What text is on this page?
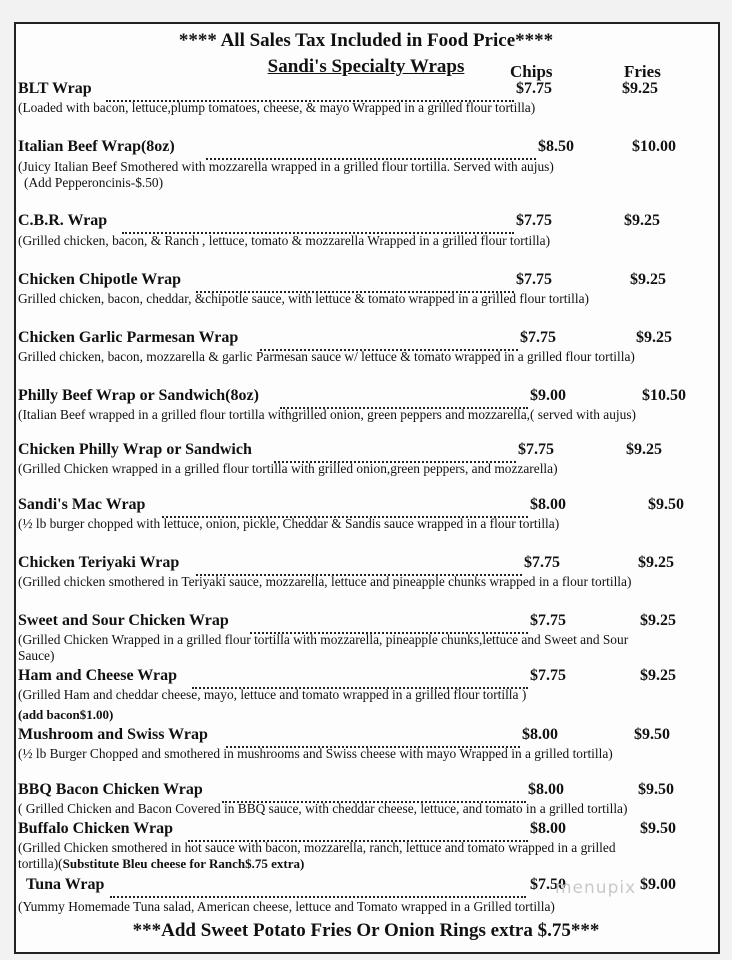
**** All Sales Tax Included in Food Price****
Sandi's Specialty Wraps	Chips	Fries
BLT Wrap	$7.75	$9.25
(Loaded with bacon, lettuce,plump tomatoes, cheese, & mayo Wrapped in a grilled flour tortilla)
Italian Beef Wrap(8oz)	$8.50	$10.00
(Juicy Italian Beef Smothered with mozzarella wrapped in a grilled flour tortilla. Served with aujus)
(Add Pepperoncinis-$.50)
C.B.R. Wrap	$7.75	$9.25
(Grilled chicken, bacon, & Ranch , lettuce, tomato & mozzarella Wrapped in a grilled flour tortilla)
Chicken Chipotle Wrap	$7.75	$9.25
Grilled chicken, bacon, cheddar, &chipotle sauce, with lettuce & tomato wrapped in a grilled flour tortilla)
Chicken Garlic Parmesan Wrap	$7.75	$9.25
Grilled chicken, bacon, mozzarella & garlic Parmesan sauce w/ lettuce & tomato wrapped in a grilled flour tortilla)
Philly Beef Wrap or Sandwich(8oz)	$9.00	$10.50
(Italian Beef wrapped in a grilled flour tortilla withgrilled onion, green peppers and mozzarella,( served with aujus)
Chicken Philly Wrap or Sandwich	$7.75	$9.25
(Grilled Chicken wrapped in a grilled flour tortilla with grilled onion,green peppers, and mozzarella)
Sandi's Mac Wrap	$8.00	$9.50
(½ lb burger chopped with lettuce, onion, pickle, Cheddar & Sandis sauce wrapped in a flour tortilla)
Chicken Teriyaki Wrap	$7.75	$9.25
(Grilled chicken smothered in Teriyaki sauce, mozzarella, lettuce and pineapple chunks wrapped in a flour tortilla)
Sweet and Sour Chicken Wrap	$7.75	$9.25
(Grilled Chicken Wrapped in a grilled flour tortilla with mozzarella, pineapple chunks,lettuce and Sweet and Sour
Sauce)
Ham and Cheese Wrap	$7.75	$9.25
(Grilled Ham and cheddar cheese, mayo, lettuce and tomato wrapped in a grilled flour tortilla )
(add bacon$1.00)
Mushroom and Swiss Wrap	$8.00	$9.50
(½ lb Burger Chopped and smothered in mushrooms and Swiss cheese with mayo Wrapped in a grilled tortilla)
BBQ Bacon Chicken Wrap	$8.00	$9.50
( Grilled Chicken and Bacon Covered in BBQ sauce, with cheddar cheese, lettuce, and tomato in a grilled tortilla)
Buffalo Chicken Wrap	$8.00	$9.50
(Grilled Chicken smothered in hot sauce with bacon, mozzarella, ranch, lettuce and tomato wrapped in a grilled
tortilla)(Substitute Bleu cheese for Ranch$.75 extra)
Tuna Wrap	$7.50	$9.00
(Yummy Homemade Tuna salad, American cheese, lettuce and Tomato wrapped in a Grilled tortilla)
menupix
***Add Sweet Potato Fries Or Onion Rings extra $.75***
